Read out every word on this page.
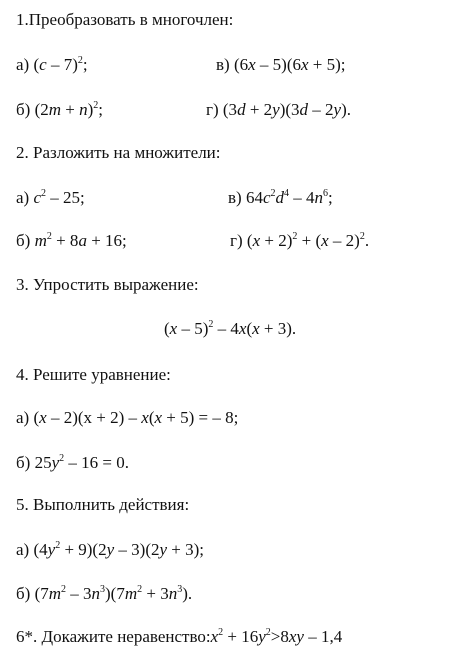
1.Преобразовать в многочлен:
а) (c – 7)$^2$;	в) (6x – 5)(6x + 5);
б) $(2m + n)^2$;	г) (3d + 2y)(3d – 2y).
2. Разложить на множители:
а) $c^2 - 25$;	в) $64c^2d^4 - 4n^6$;
б) $m^2 + 8a + 16$;	г) $(x + 2)^2 + (x - 2)^2$.
3. Упростить выражение:
(x – 5)$^2$ – 4x(x + 3).
4. Решите уравнение:
а) (x – 2)(x + 2) – x(x + 5) = – 8;
б) $25y^2 - 16 = 0$.
5. Выполнить действия:
а) $(4y^2 + 9)(2y - 3)(2y + 3)$;
б) $(7m^2 - 3n^3)(7m^2 + 3n^3)$.
6*. Докажите $неравенство:x^2 + 16y^2>8xy - 1,4$
